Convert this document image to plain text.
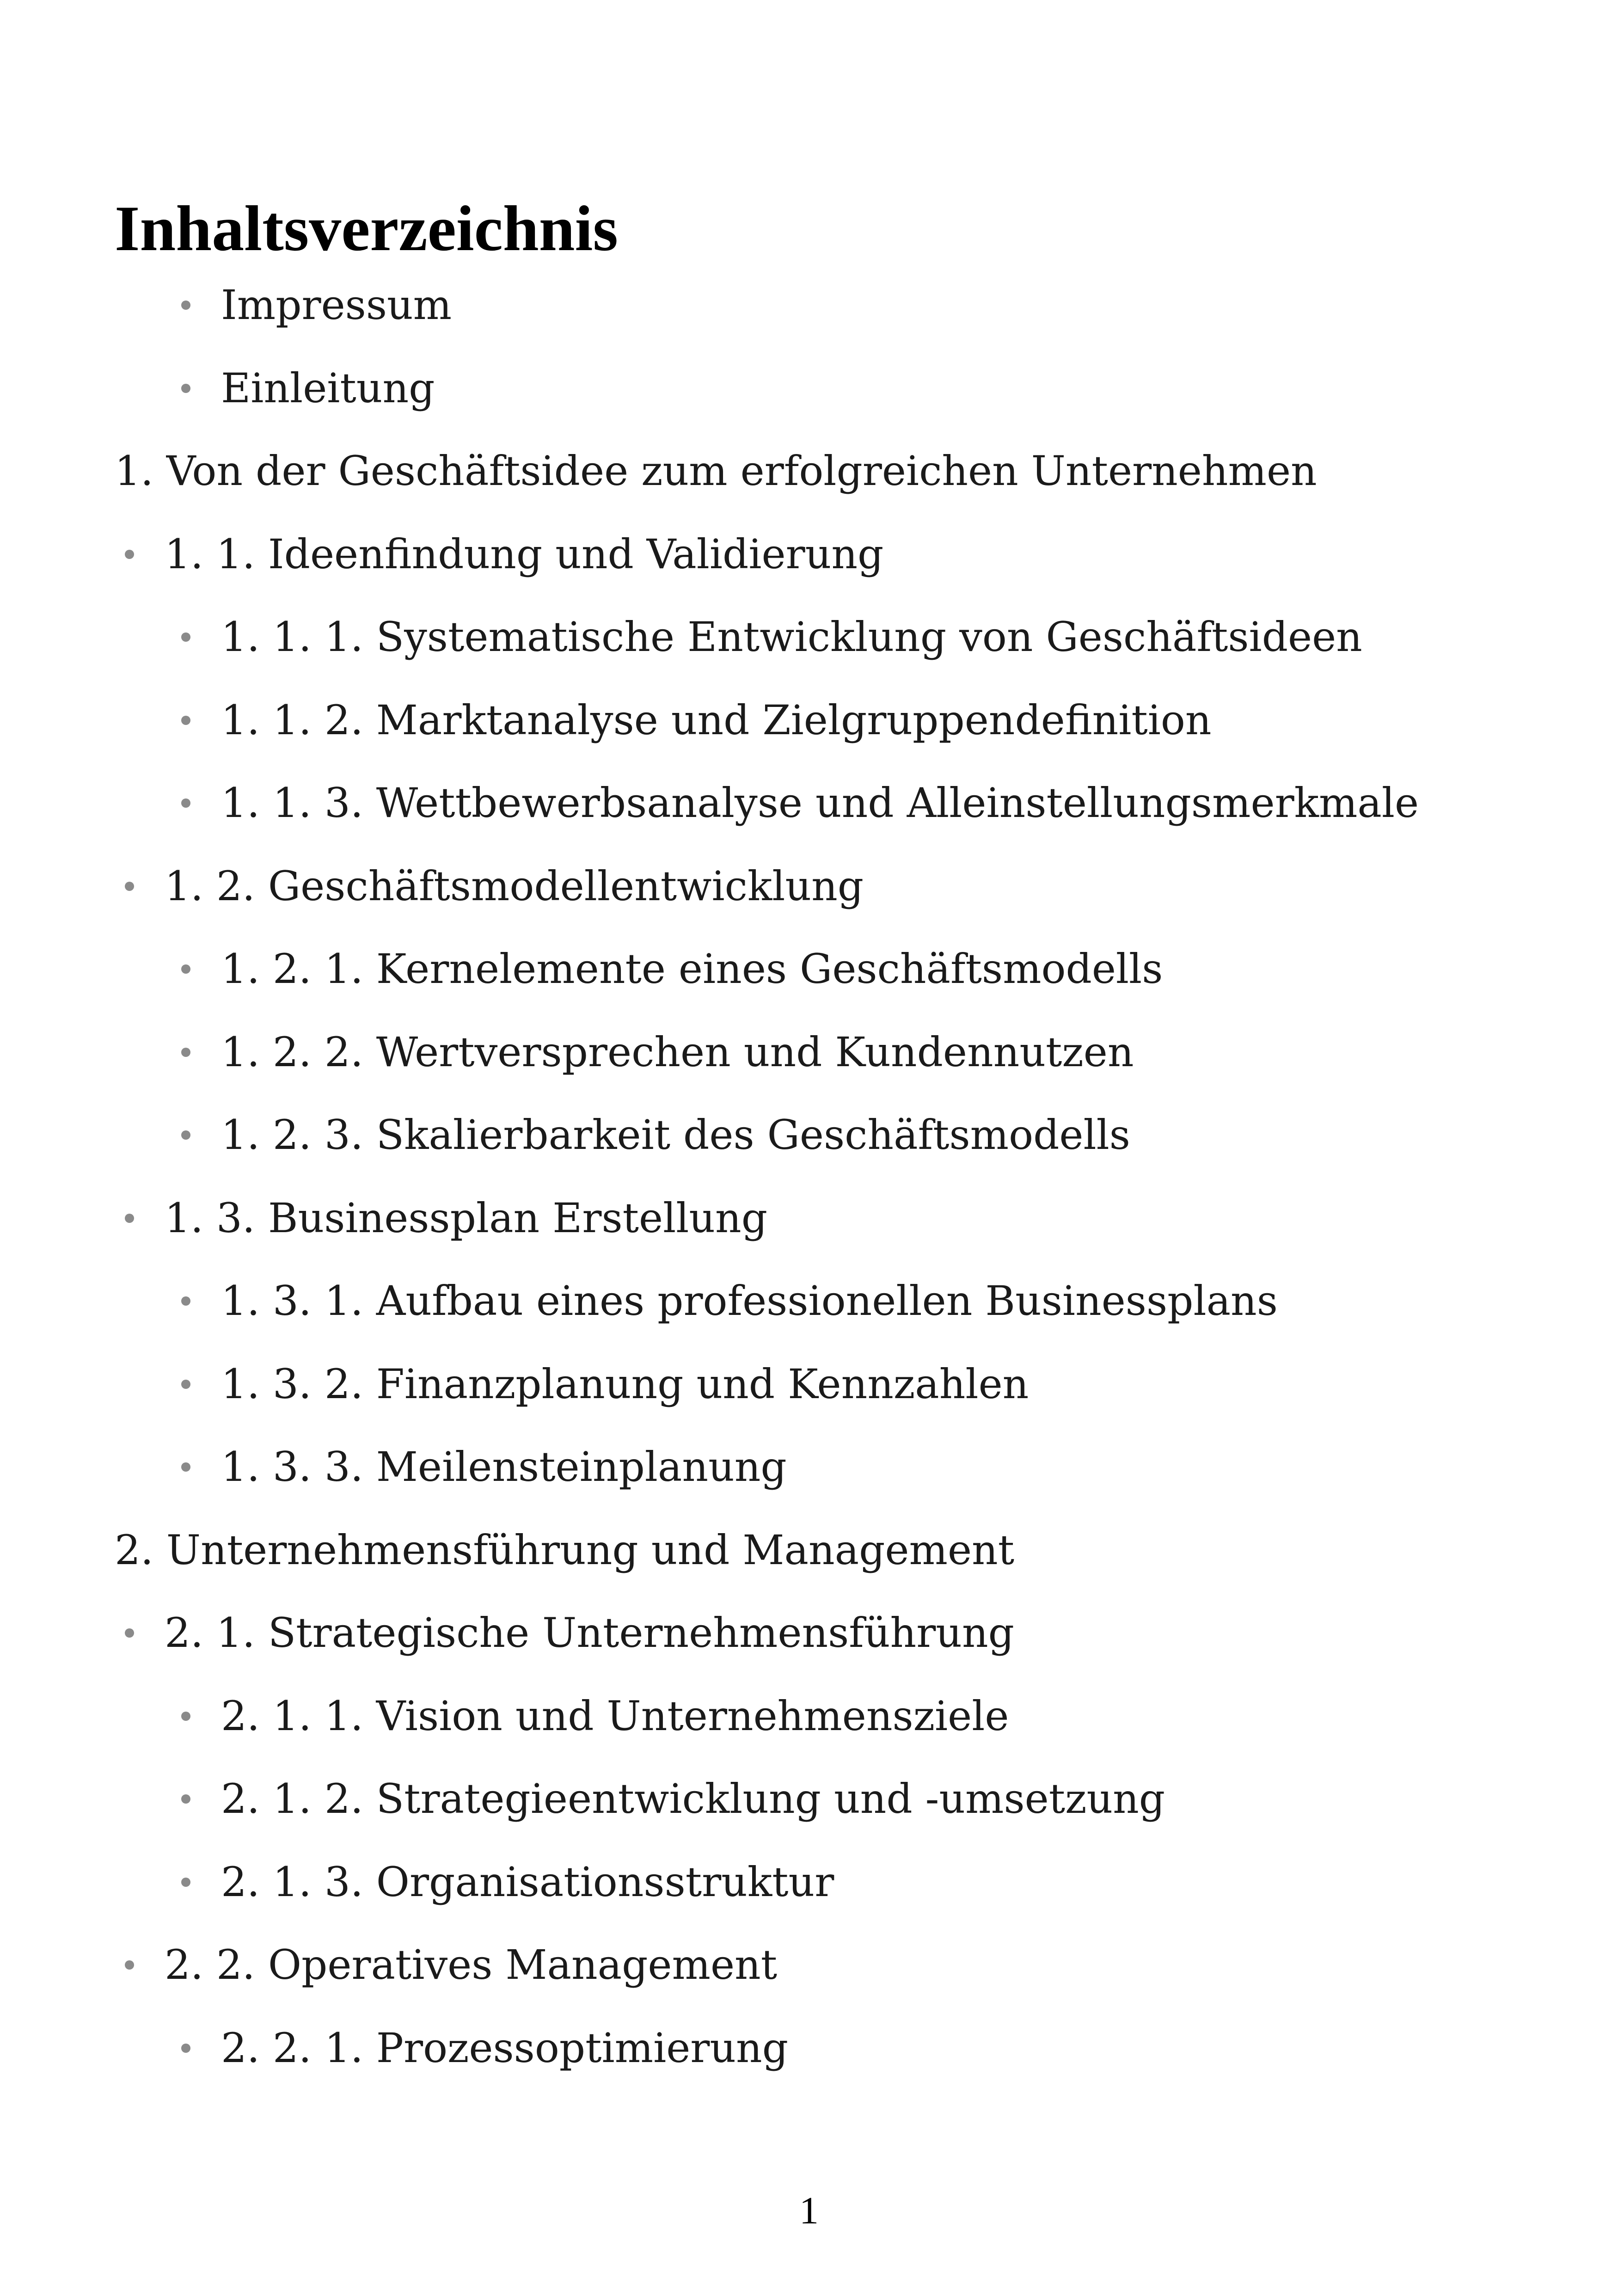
Inhaltsverzeichnis
Impressum
Einleitung
1. Von der Geschäftsidee zum erfolgreichen Unternehmen
1. 1. Ideenfindung und Validierung
1. 1. 1. Systematische Entwicklung von Geschäftsideen
1. 1. 2. Marktanalyse und Zielgruppendefinition
1. 1. 3. Wettbewerbsanalyse und Alleinstellungsmerkmale
1. 2. Geschäftsmodellentwicklung
1. 2. 1. Kernelemente eines Geschäftsmodells
1. 2. 2. Wertversprechen und Kundennutzen
1. 2. 3. Skalierbarkeit des Geschäftsmodells
1. 3. Businessplan Erstellung
1. 3. 1. Aufbau eines professionellen Businessplans
1. 3. 2. Finanzplanung und Kennzahlen
1. 3. 3. Meilensteinplanung
2. Unternehmensführung und Management
2. 1. Strategische Unternehmensführung
2. 1. 1. Vision und Unternehmensziele
2. 1. 2. Strategieentwicklung und -umsetzung
2. 1. 3. Organisationsstruktur
2. 2. Operatives Management
2. 2. 1. Prozessoptimierung
1
